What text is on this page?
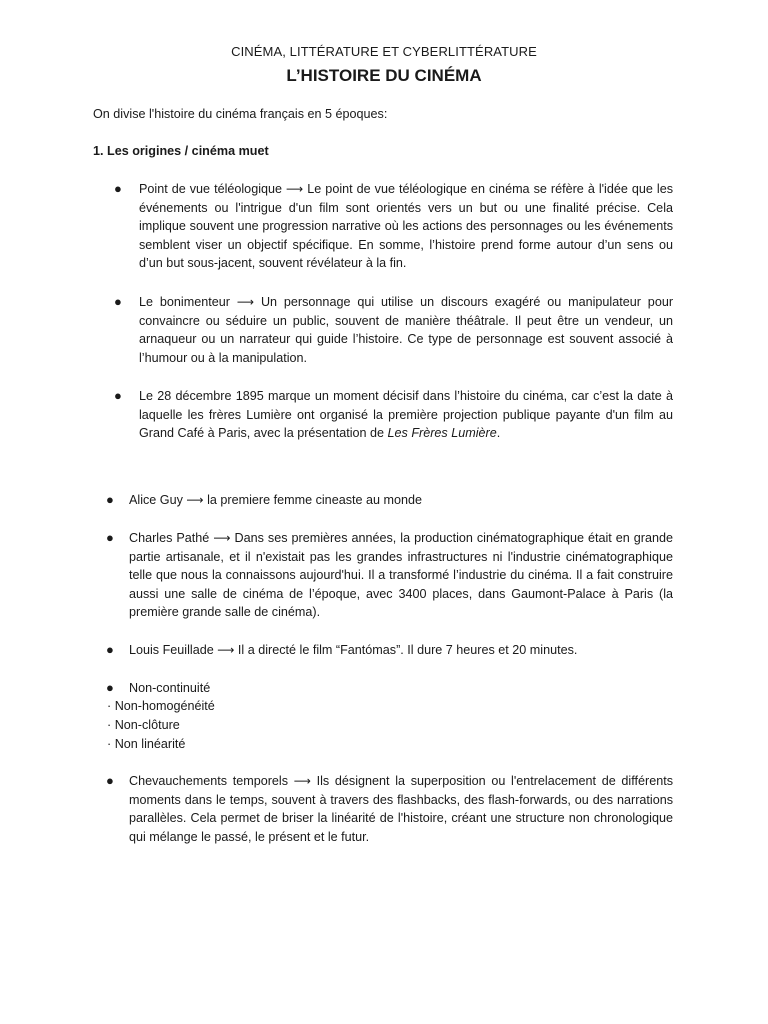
CINÉMA, LITTÉRATURE ET CYBERLITTÉRATURE
L’HISTOIRE DU CINÉMA
On divise l'histoire du cinéma français en 5 époques:
1. Les origines / cinéma muet
● Point de vue téléologique ⟶ Le point de vue téléologique en cinéma se réfère à l'idée que les événements ou l'intrigue d'un film sont orientés vers un but ou une finalité précise. Cela implique souvent une progression narrative où les actions des personnages ou les événements semblent viser un objectif spécifique. En somme, l’histoire prend forme autour d’un sens ou d’un but sous-jacent, souvent révélateur à la fin.
● Le bonimenteur ⟶ Un personnage qui utilise un discours exagéré ou manipulateur pour convaincre ou séduire un public, souvent de manière théâtrale. Il peut être un vendeur, un arnaqueur ou un narrateur qui guide l’histoire. Ce type de personnage est souvent associé à l’humour ou à la manipulation.
● Le 28 décembre 1895 marque un moment décisif dans l’histoire du cinéma, car c’est la date à laquelle les frères Lumière ont organisé la première projection publique payante d'un film au Grand Café à Paris, avec la présentation de Les Frères Lumière.
● Alice Guy ⟶ la premiere femme cineaste au monde
● Charles Pathé ⟶ Dans ses premières années, la production cinématographique était en grande partie artisanale, et il n'existait pas les grandes infrastructures ni l'industrie cinématographique telle que nous la connaissons aujourd'hui. Il a transformé l’industrie du cinéma. Il a fait construire aussi une salle de cinéma de l’époque, avec 3400 places, dans Gaumont-Palace à Paris (la première grande salle de cinéma).
● Louis Feuillade ⟶ Il a directé le film “Fantómas”. Il dure 7 heures et 20 minutes.
● Non-continuité
· Non-homogénéité
· Non-clôture
· Non linéarité
● Chevauchements temporels ⟶ Ils désignent la superposition ou l'entrelacement de différents moments dans le temps, souvent à travers des flashbacks, des flash-forwards, ou des narrations parallèles. Cela permet de briser la linéarité de l'histoire, créant une structure non chronologique qui mélange le passé, le présent et le futur.
